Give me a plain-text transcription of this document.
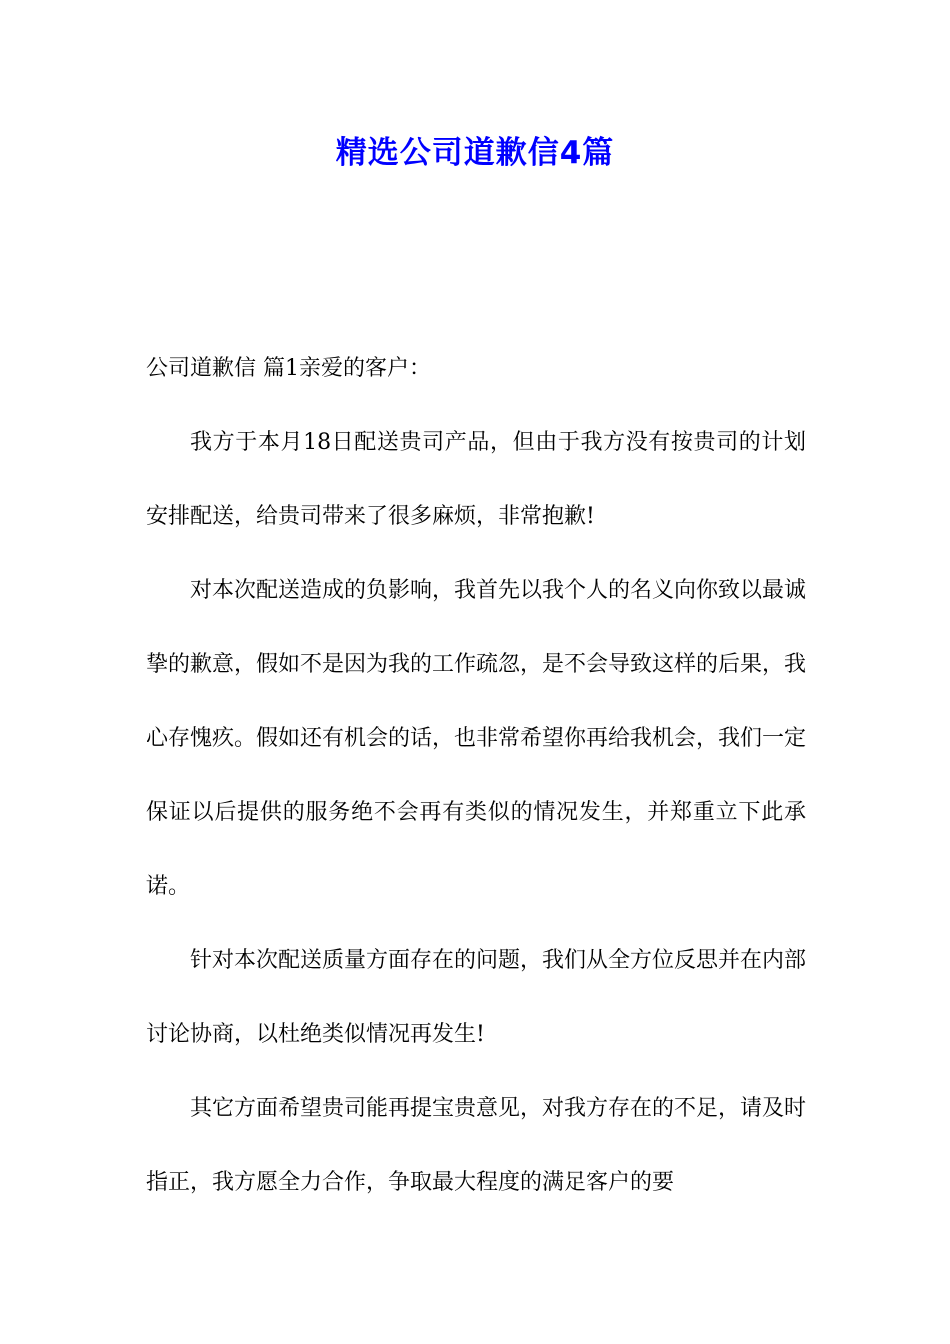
精选公司道歉信4篇

公司道歉信 篇1亲爱的客户：

我方于本月18日配送贵司产品，但由于我方没有按贵司的计划安排配送，给贵司带来了很多麻烦，非常抱歉!

对本次配送造成的负影响，我首先以我个人的名义向你致以最诚挚的歉意，假如不是因为我的工作疏忽，是不会导致这样的后果，我心存愧疚。假如还有机会的话，也非常希望你再给我机会，我们一定保证以后提供的服务绝不会再有类似的情况发生，并郑重立下此承诺。

针对本次配送质量方面存在的问题，我们从全方位反思并在内部讨论协商，以杜绝类似情况再发生!

其它方面希望贵司能再提宝贵意见，对我方存在的不足，请及时指正，我方愿全力合作，争取最大程度的满足客户的要
